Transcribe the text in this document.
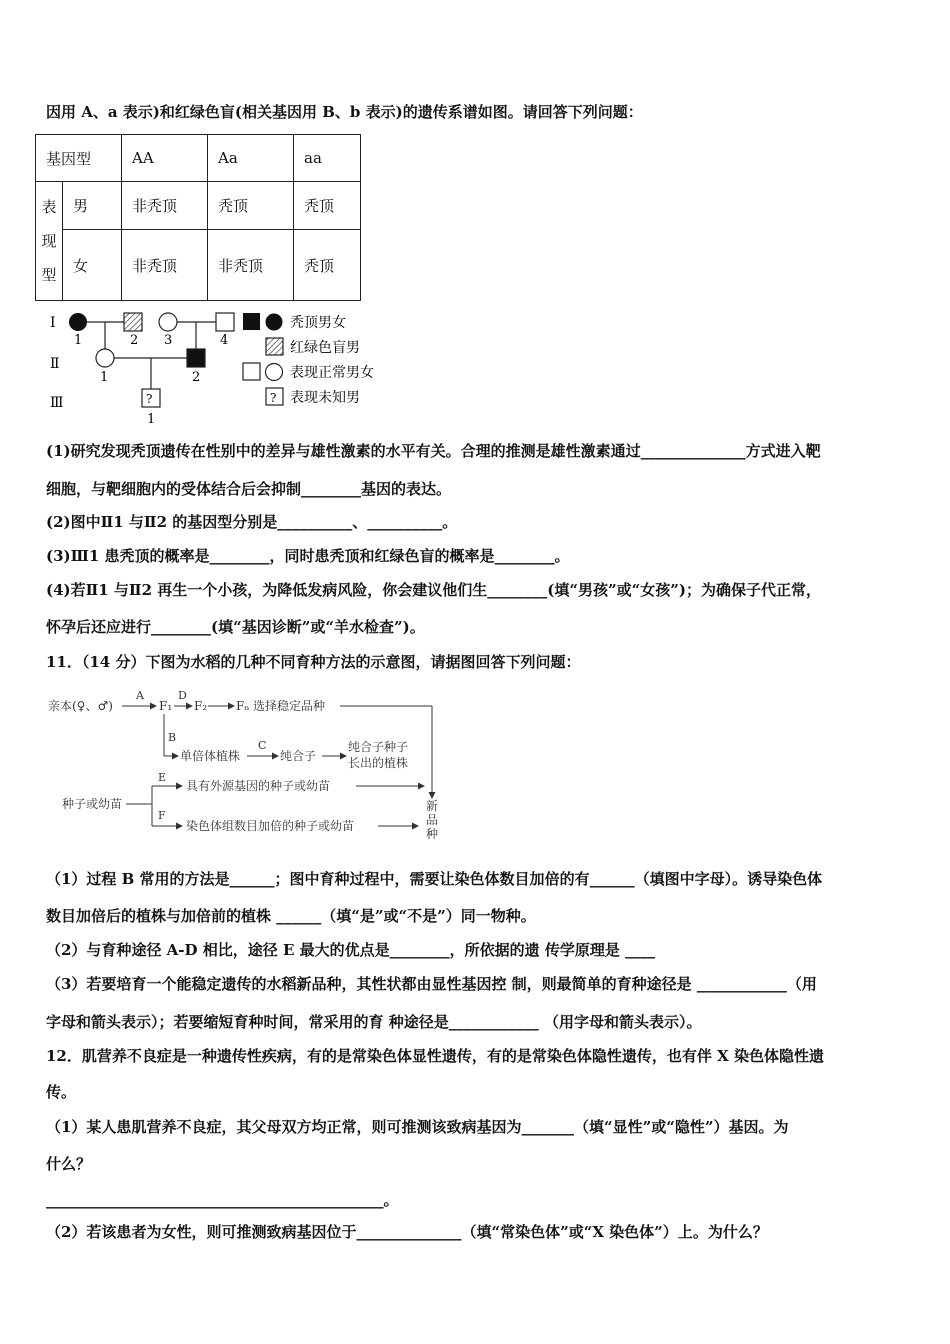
因用 A、a 表示)和红绿色盲(相关基因用 B、b 表示)的遗传系谱如图。请回答下列问题：
基因型		AA	Aa	aa

表
现
型	男	非秃顶	秃顶	秃顶
	女	非秃顶	非秃顶	秃顶
Ⅰ
Ⅱ
Ⅲ
1	2 3	4
1	2
?
1
秃顶男女
红绿色盲男
表现正常男女
? 表现未知男
(1)研究发现秃顶遗传在性别中的差异与雄性激素的水平有关。合理的推测是雄性激素通过______________方式进入靶
细胞，与靶细胞内的受体结合后会抑制________基因的表达。
(2)图中Ⅱ1 与Ⅱ2 的基因型分别是__________、__________。
(3)Ⅲ1 患秃顶的概率是________，同时患秃顶和红绿色盲的概率是________。
(4)若Ⅱ1 与Ⅱ2 再生一个小孩，为降低发病风险，你会建议他们生________(填“男孩”或“女孩”)；为确保子代正常，
怀孕后还应进行________(填“基因诊断”或“羊水检查”)。
11．（14 分）下图为水稻的几种不同育种方法的示意图，请据图回答下列问题：
亲本(♀、♂)
A
F₁
D
F₂ Fₙ 选择稳定品种
B
单倍体植株
C
纯合子
纯合子种子
长出的植株
种子或幼苗
E
具有外源基因的种子或幼苗
F
染色体组数目加倍的种子或幼苗
新
品
种
（1）过程 B 常用的方法是______；图中育种过程中，需要让染色体数目加倍的有______（填图中字母）。诱导染色体
数目加倍后的植株与加倍前的植株 ______（填“是”或“不是”）同一物种。
（2）与育种途径 A-D 相比，途径 E 最大的优点是________，所依据的遗 传学原理是 ____
（3）若要培育一个能稳定遗传的水稻新品种，其性状都由显性基因控 制，则最简单的育种途径是 ____________（用
字母和箭头表示）；若要缩短育种时间，常采用的育 种途径是____________ （用字母和箭头表示）。
12．肌营养不良症是一种遗传性疾病，有的是常染色体显性遗传，有的是常染色体隐性遗传，也有伴 X 染色体隐性遗
传。
（1）某人患肌营养不良症，其父母双方均正常，则可推测该致病基因为_______（填“显性”或“隐性”）基因。为
什么？
_____________________________________________。
（2）若该患者为女性，则可推测致病基因位于______________（填“常染色体”或“X 染色体”）上。为什么？
